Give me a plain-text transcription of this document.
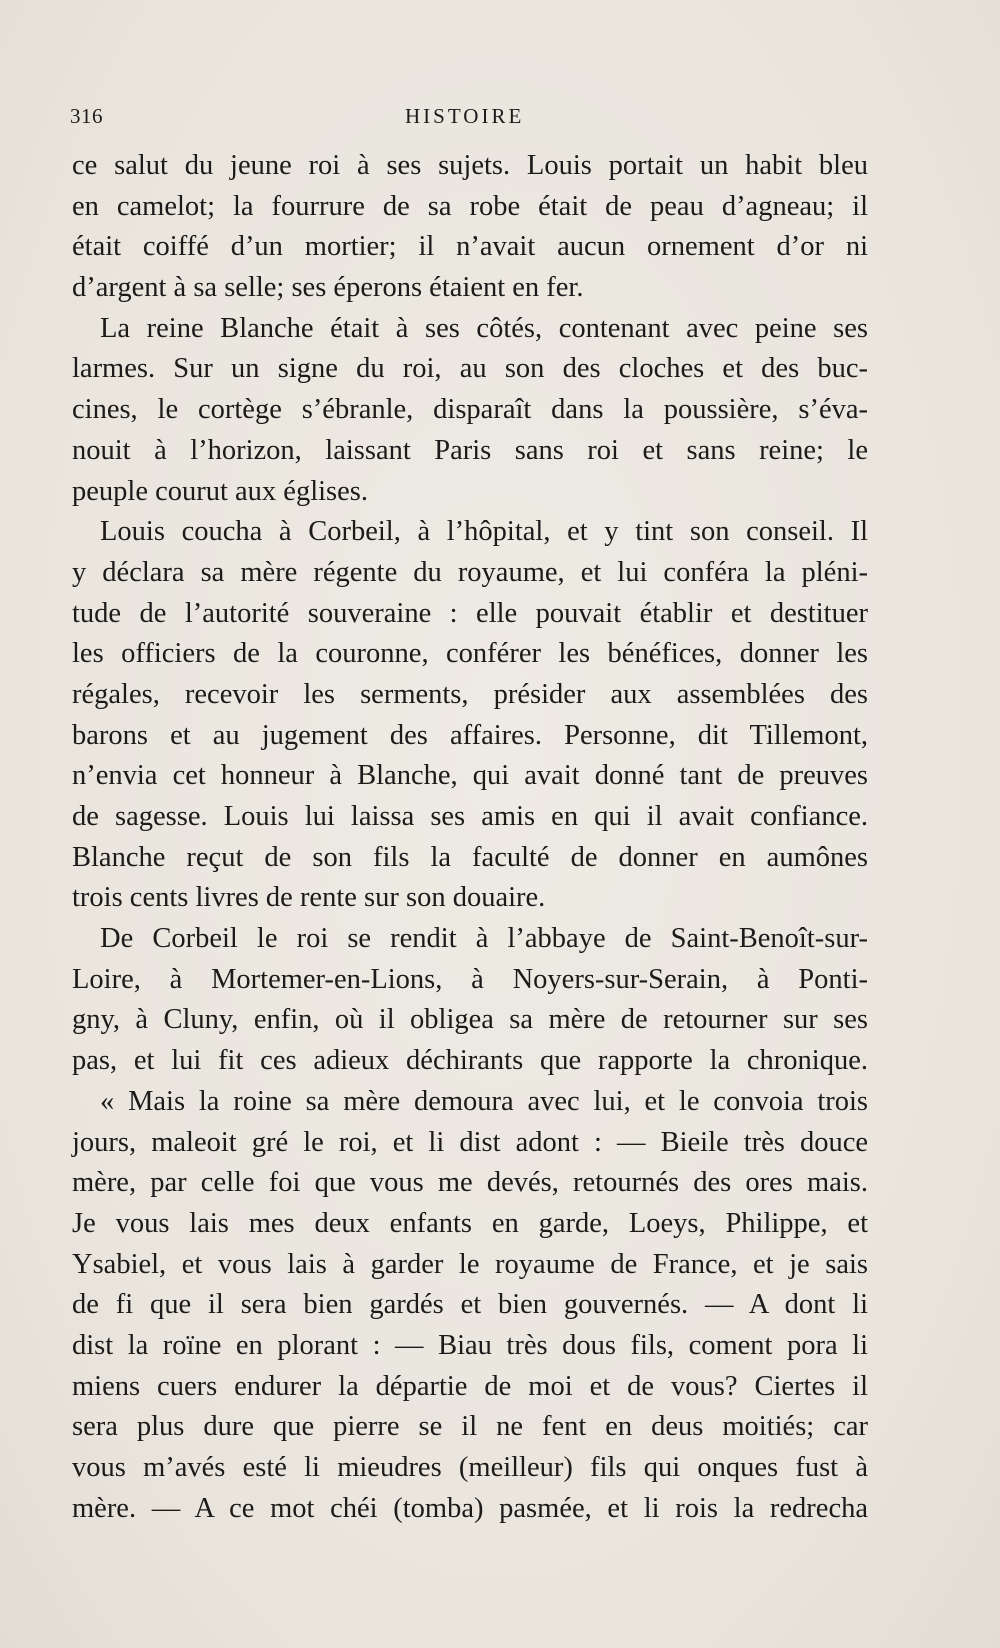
316	HISTOIRE
ce salut du jeune roi à ses sujets. Louis portait un habit bleu
en camelot; la fourrure de sa robe était de peau d’agneau; il
était coiffé d’un mortier; il n’avait aucun ornement d’or ni
d’argent à sa selle; ses éperons étaient en fer.
La reine Blanche était à ses côtés, contenant avec peine ses
larmes. Sur un signe du roi, au son des cloches et des buc-
cines, le cortège s’ébranle, disparaît dans la poussière, s’éva-
nouit à l’horizon, laissant Paris sans roi et sans reine; le
peuple courut aux églises.
Louis coucha à Corbeil, à l’hôpital, et y tint son conseil. Il
y déclara sa mère régente du royaume, et lui conféra la pléni-
tude de l’autorité souveraine : elle pouvait établir et destituer
les officiers de la couronne, conférer les bénéfices, donner les
régales, recevoir les serments, présider aux assemblées des
barons et au jugement des affaires. Personne, dit Tillemont,
n’envia cet honneur à Blanche, qui avait donné tant de preuves
de sagesse. Louis lui laissa ses amis en qui il avait confiance.
Blanche reçut de son fils la faculté de donner en aumônes
trois cents livres de rente sur son douaire.
De Corbeil le roi se rendit à l’abbaye de Saint-Benoît-sur-
Loire, à Mortemer-en-Lions, à Noyers-sur-Serain, à Ponti-
gny, à Cluny, enfin, où il obligea sa mère de retourner sur ses
pas, et lui fit ces adieux déchirants que rapporte la chronique.
« Mais la roine sa mère demoura avec lui, et le convoia trois
jours, maleoit gré le roi, et li dist adont : — Bieile très douce
mère, par celle foi que vous me devés, retournés des ores mais.
Je vous lais mes deux enfants en garde, Loeys, Philippe, et
Ysabiel, et vous lais à garder le royaume de France, et je sais
de fi que il sera bien gardés et bien gouvernés. — A dont li
dist la roïne en plorant : — Biau très dous fils, coment pora li
miens cuers endurer la départie de moi et de vous? Ciertes il
sera plus dure que pierre se il ne fent en deus moitiés; car
vous m’avés esté li mieudres (meilleur) fils qui onques fust à
mère. — A ce mot chéi (tomba) pasmée, et li rois la redrecha
